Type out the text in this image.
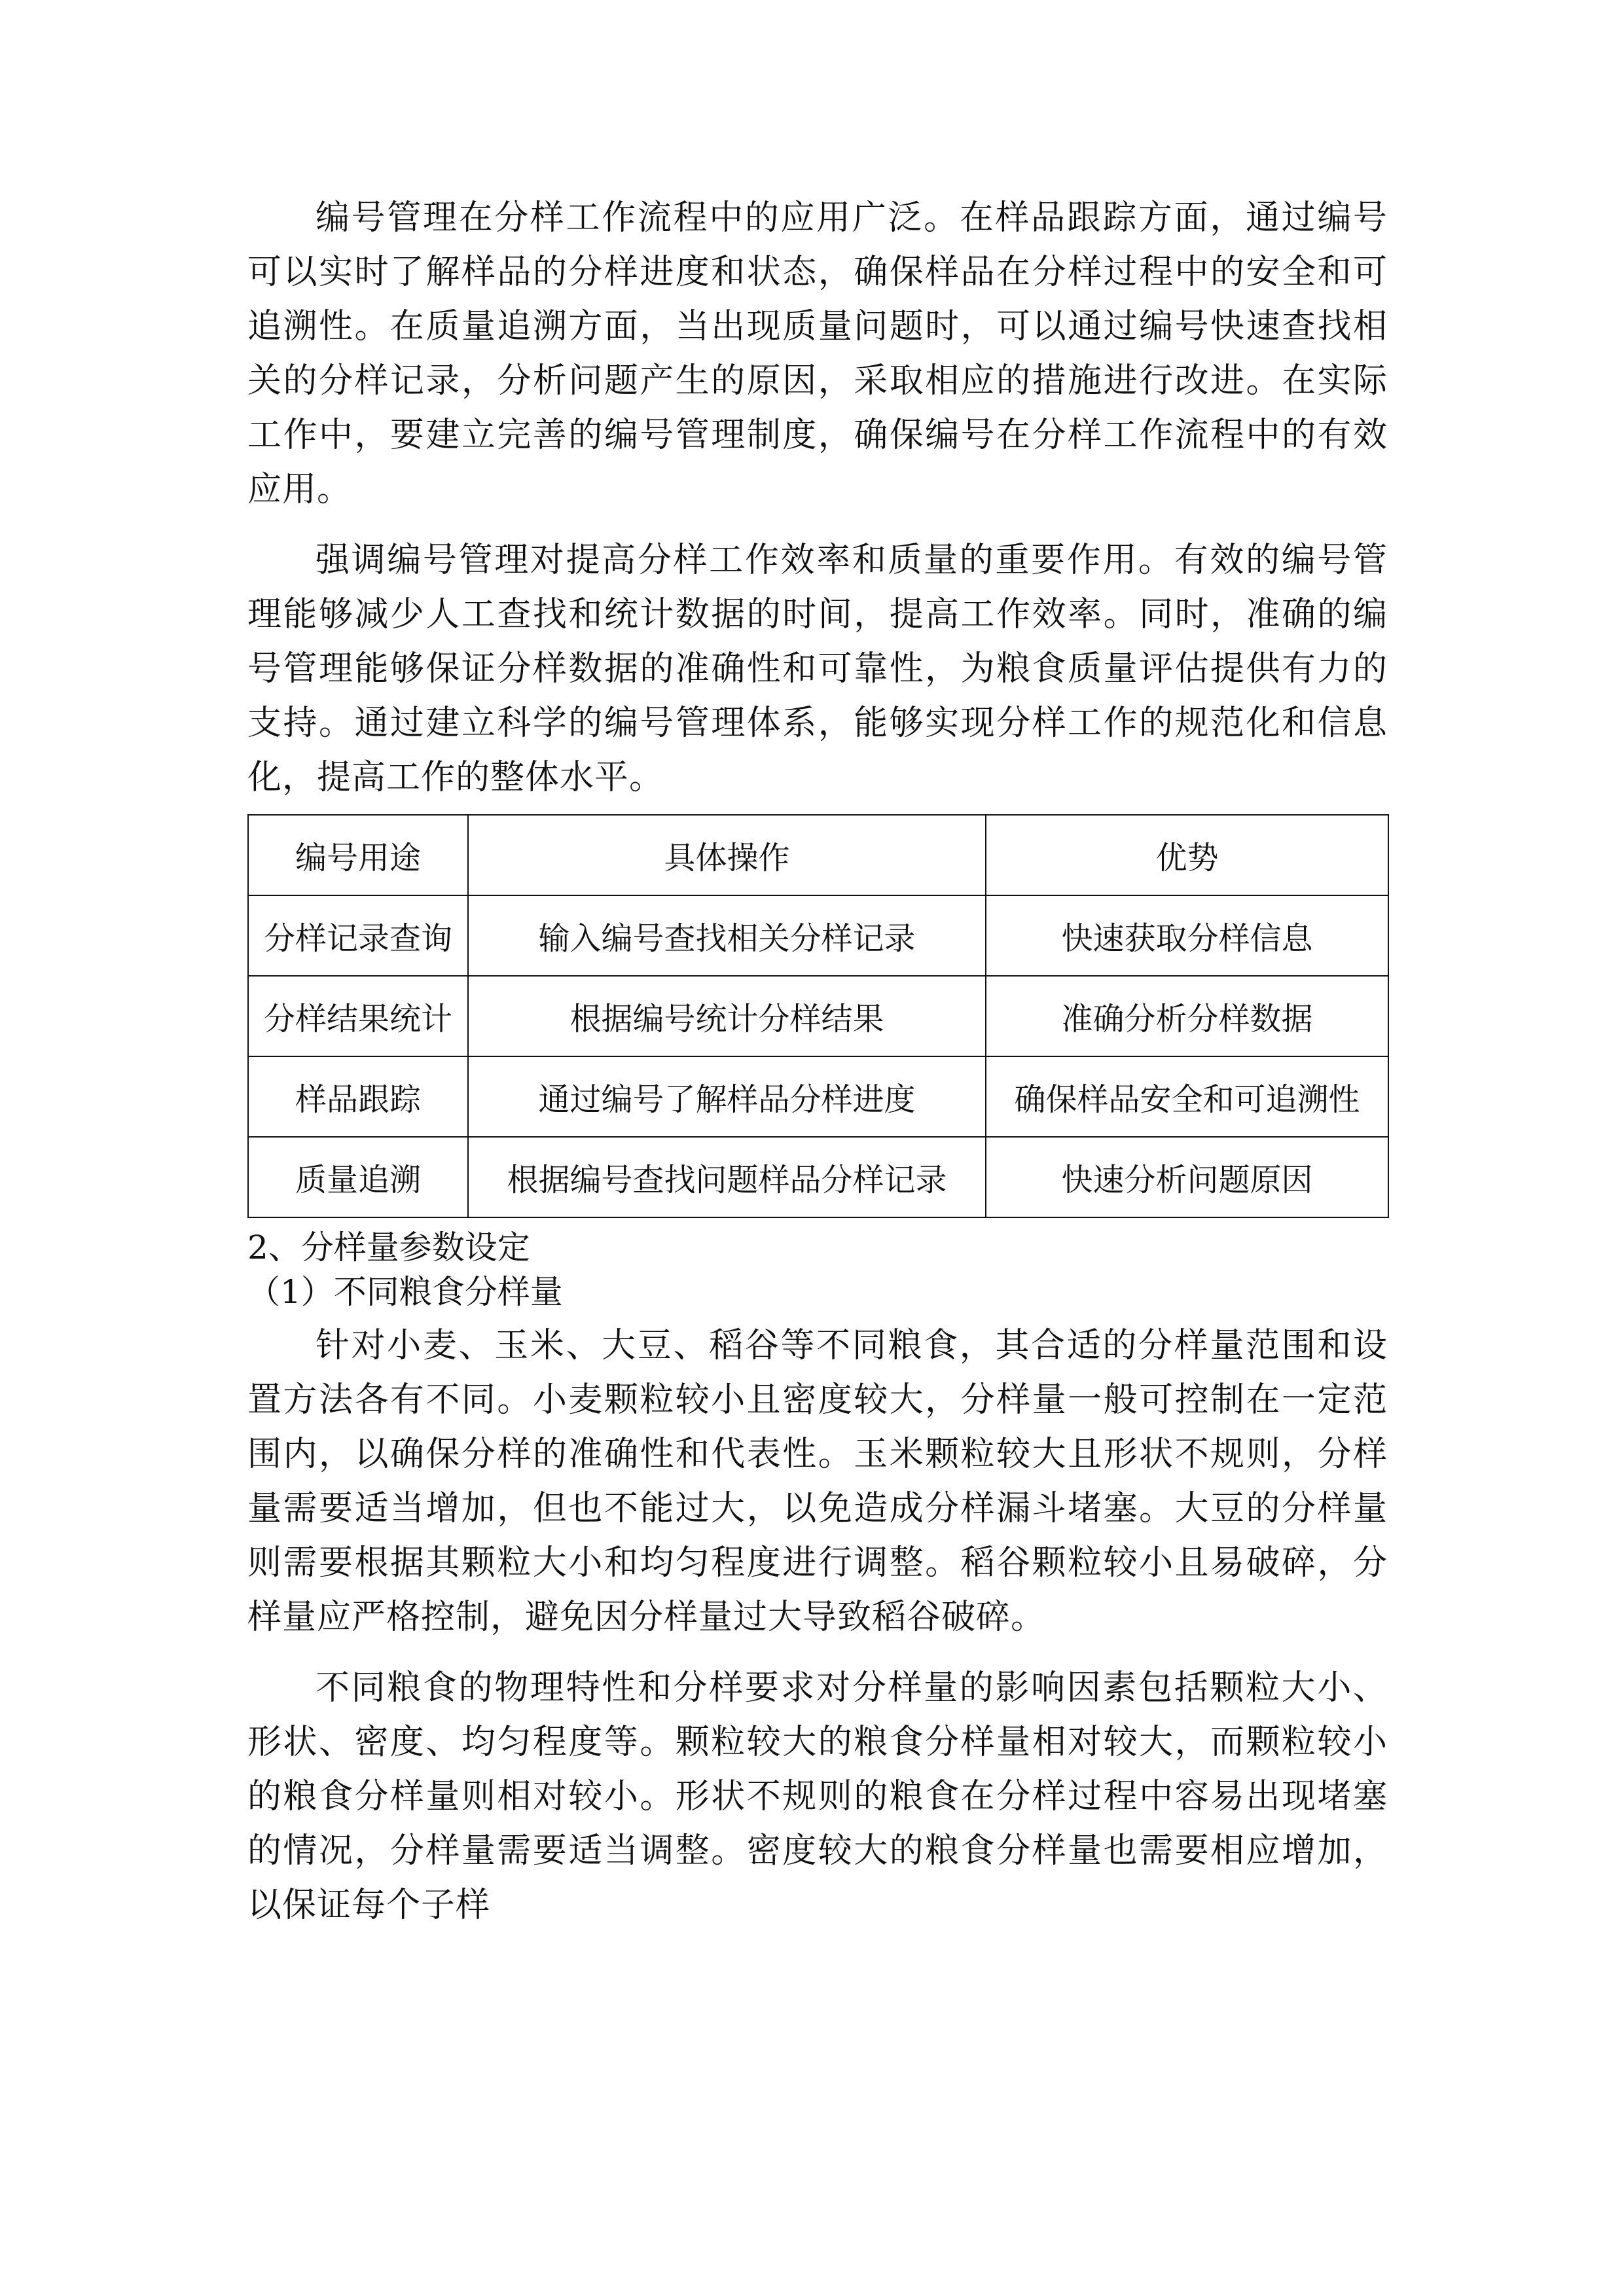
编号管理在分样工作流程中的应用广泛。在样品跟踪方面，通过编号可以实时了解样品的分样进度和状态，确保样品在分样过程中的安全和可追溯性。在质量追溯方面，当出现质量问题时，可以通过编号快速查找相关的分样记录，分析问题产生的原因，采取相应的措施进行改进。在实际工作中，要建立完善的编号管理制度，确保编号在分样工作流程中的有效应用。

强调编号管理对提高分样工作效率和质量的重要作用。有效的编号管理能够减少人工查找和统计数据的时间，提高工作效率。同时，准确的编号管理能够保证分样数据的准确性和可靠性，为粮食质量评估提供有力的支持。通过建立科学的编号管理体系，能够实现分样工作的规范化和信息化，提高工作的整体水平。

编号用途	具体操作	优势
分样记录查询	输入编号查找相关分样记录	快速获取分样信息
分样结果统计	根据编号统计分样结果	准确分析分样数据
样品跟踪	通过编号了解样品分样进度	确保样品安全和可追溯性
质量追溯	根据编号查找问题样品分样记录	快速分析问题原因

2、分样量参数设定

（1）不同粮食分样量

针对小麦、玉米、大豆、稻谷等不同粮食，其合适的分样量范围和设置方法各有不同。小麦颗粒较小且密度较大，分样量一般可控制在一定范围内，以确保分样的准确性和代表性。玉米颗粒较大且形状不规则，分样量需要适当增加，但也不能过大，以免造成分样漏斗堵塞。大豆的分样量则需要根据其颗粒大小和均匀程度进行调整。稻谷颗粒较小且易破碎，分样量应严格控制，避免因分样量过大导致稻谷破碎。

不同粮食的物理特性和分样要求对分样量的影响因素包括颗粒大小、形状、密度、均匀程度等。颗粒较大的粮食分样量相对较大，而颗粒较小的粮食分样量则相对较小。形状不规则的粮食在分样过程中容易出现堵塞的情况，分样量需要适当调整。密度较大的粮食分样量也需要相应增加，以保证每个子样
